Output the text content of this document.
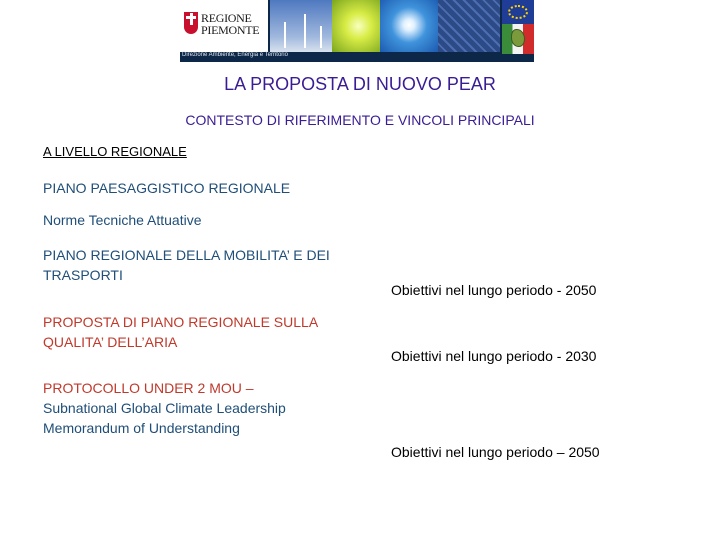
REGIONE
PIEMONTE
Direzione Ambiente, Energia e Territorio
LA PROPOSTA DI NUOVO PEAR
CONTESTO DI RIFERIMENTO E VINCOLI PRINCIPALI
A LIVELLO REGIONALE
PIANO PAESAGGISTICO REGIONALE
Norme Tecniche Attuative
PIANO REGIONALE DELLA MOBILITA’ E DEI TRASPORTI
PROPOSTA DI PIANO REGIONALE SULLA QUALITA’ DELL’ARIA
PROTOCOLLO UNDER 2 MOU –
Subnational Global Climate Leadership Memorandum of Understanding
Obiettivi nel lungo periodo - 2050
Obiettivi nel lungo periodo - 2030
Obiettivi nel lungo periodo – 2050
